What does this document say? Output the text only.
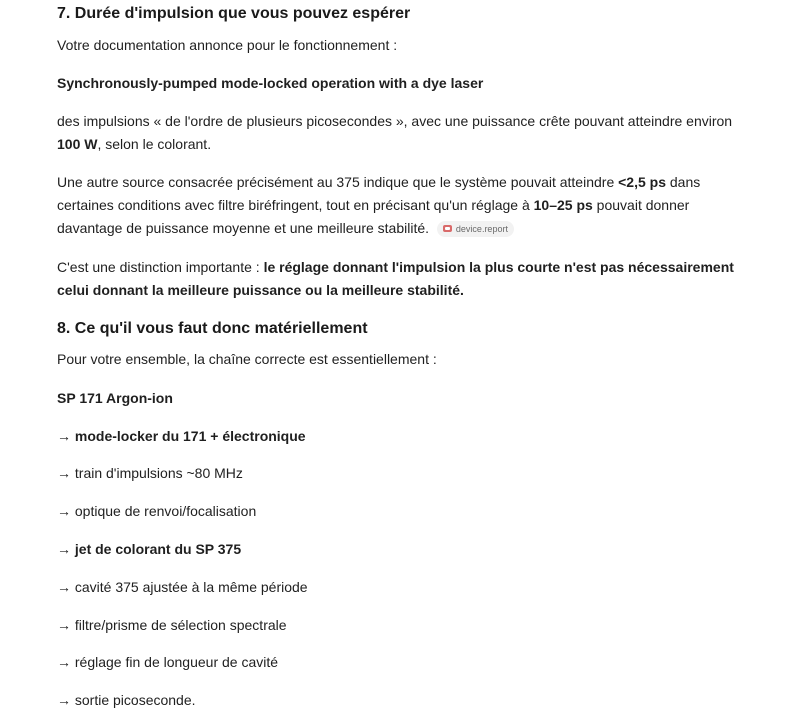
7. Durée d'impulsion que vous pouvez espérer
Votre documentation annonce pour le fonctionnement :
Synchronously-pumped mode-locked operation with a dye laser
des impulsions « de l'ordre de plusieurs picosecondes », avec une puissance crête pouvant atteindre environ
100 W, selon le colorant.
Une autre source consacrée précisément au 375 indique que le système pouvait atteindre <2,5 ps dans
certaines conditions avec filtre biréfringent, tout en précisant qu'un réglage à 10–25 ps pouvait donner
davantage de puissance moyenne et une meilleure stabilité.	device.report
C'est une distinction importante : le réglage donnant l'impulsion la plus courte n'est pas nécessairement
celui donnant la meilleure puissance ou la meilleure stabilité.
8. Ce qu'il vous faut donc matériellement
Pour votre ensemble, la chaîne correcte est essentiellement :
SP 171 Argon-ion
→ mode-locker du 171 + électronique
→ train d'impulsions ~80 MHz
→ optique de renvoi/focalisation
→ jet de colorant du SP 375
→ cavité 375 ajustée à la même période
→ filtre/prisme de sélection spectrale
→ réglage fin de longueur de cavité
→ sortie picoseconde.
